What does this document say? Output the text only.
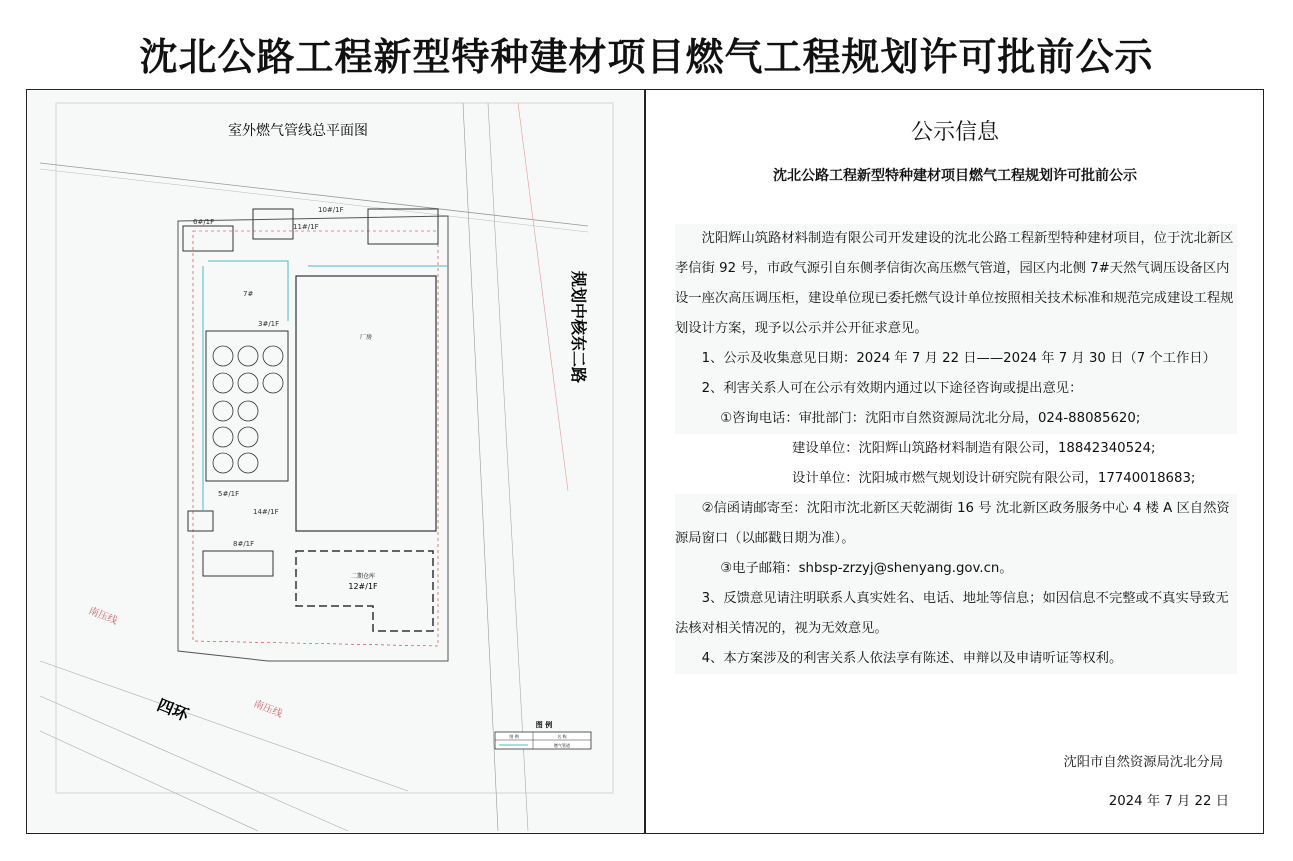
沈北公路工程新型特种建材项目燃气工程规划许可批前公示
室外燃气管线总平面图
厂房
二期仓库
12#/1F
6#/1F
10#/1F
11#/1F
7#
3#/1F
5#/1F
14#/1F
8#/1F
规划中核东二路
四环
南压线
南压线
图 例
图 例	名 称
燃气管道
公示信息
沈北公路工程新型特种建材项目燃气工程规划许可批前公示

沈阳辉山筑路材料制造有限公司开发建设的沈北公路工程新型特种建材项目，位于沈北新区孝信街 92 号，市政气源引自东侧孝信街次高压燃气管道，园区内北侧 7#天然气调压设备区内设一座次高压调压柜，建设单位现已委托燃气设计单位按照相关技术标准和规范完成建设工程规划设计方案，现予以公示并公开征求意见。

1、公示及收集意见日期：2024 年 7 月 22 日——2024 年 7 月 30 日（7 个工作日）

2、利害关系人可在公示有效期内通过以下途径咨询或提出意见：

①咨询电话：审批部门：沈阳市自然资源局沈北分局，024-88085620;

建设单位：沈阳辉山筑路材料制造有限公司，18842340524;

设计单位：沈阳城市燃气规划设计研究院有限公司，17740018683;

②信函请邮寄至：沈阳市沈北新区天乾湖街 16 号 沈北新区政务服务中心 4 楼 A 区自然资源局窗口（以邮戳日期为准）。

③电子邮箱：shbsp-zrzyj@shenyang.gov.cn。

3、反馈意见请注明联系人真实姓名、电话、地址等信息；如因信息不完整或不真实导致无法核对相关情况的，视为无效意见。

4、本方案涉及的利害关系人依法享有陈述、申辩以及申请听证等权利。

沈阳市自然资源局沈北分局
2024 年 7 月 22 日
